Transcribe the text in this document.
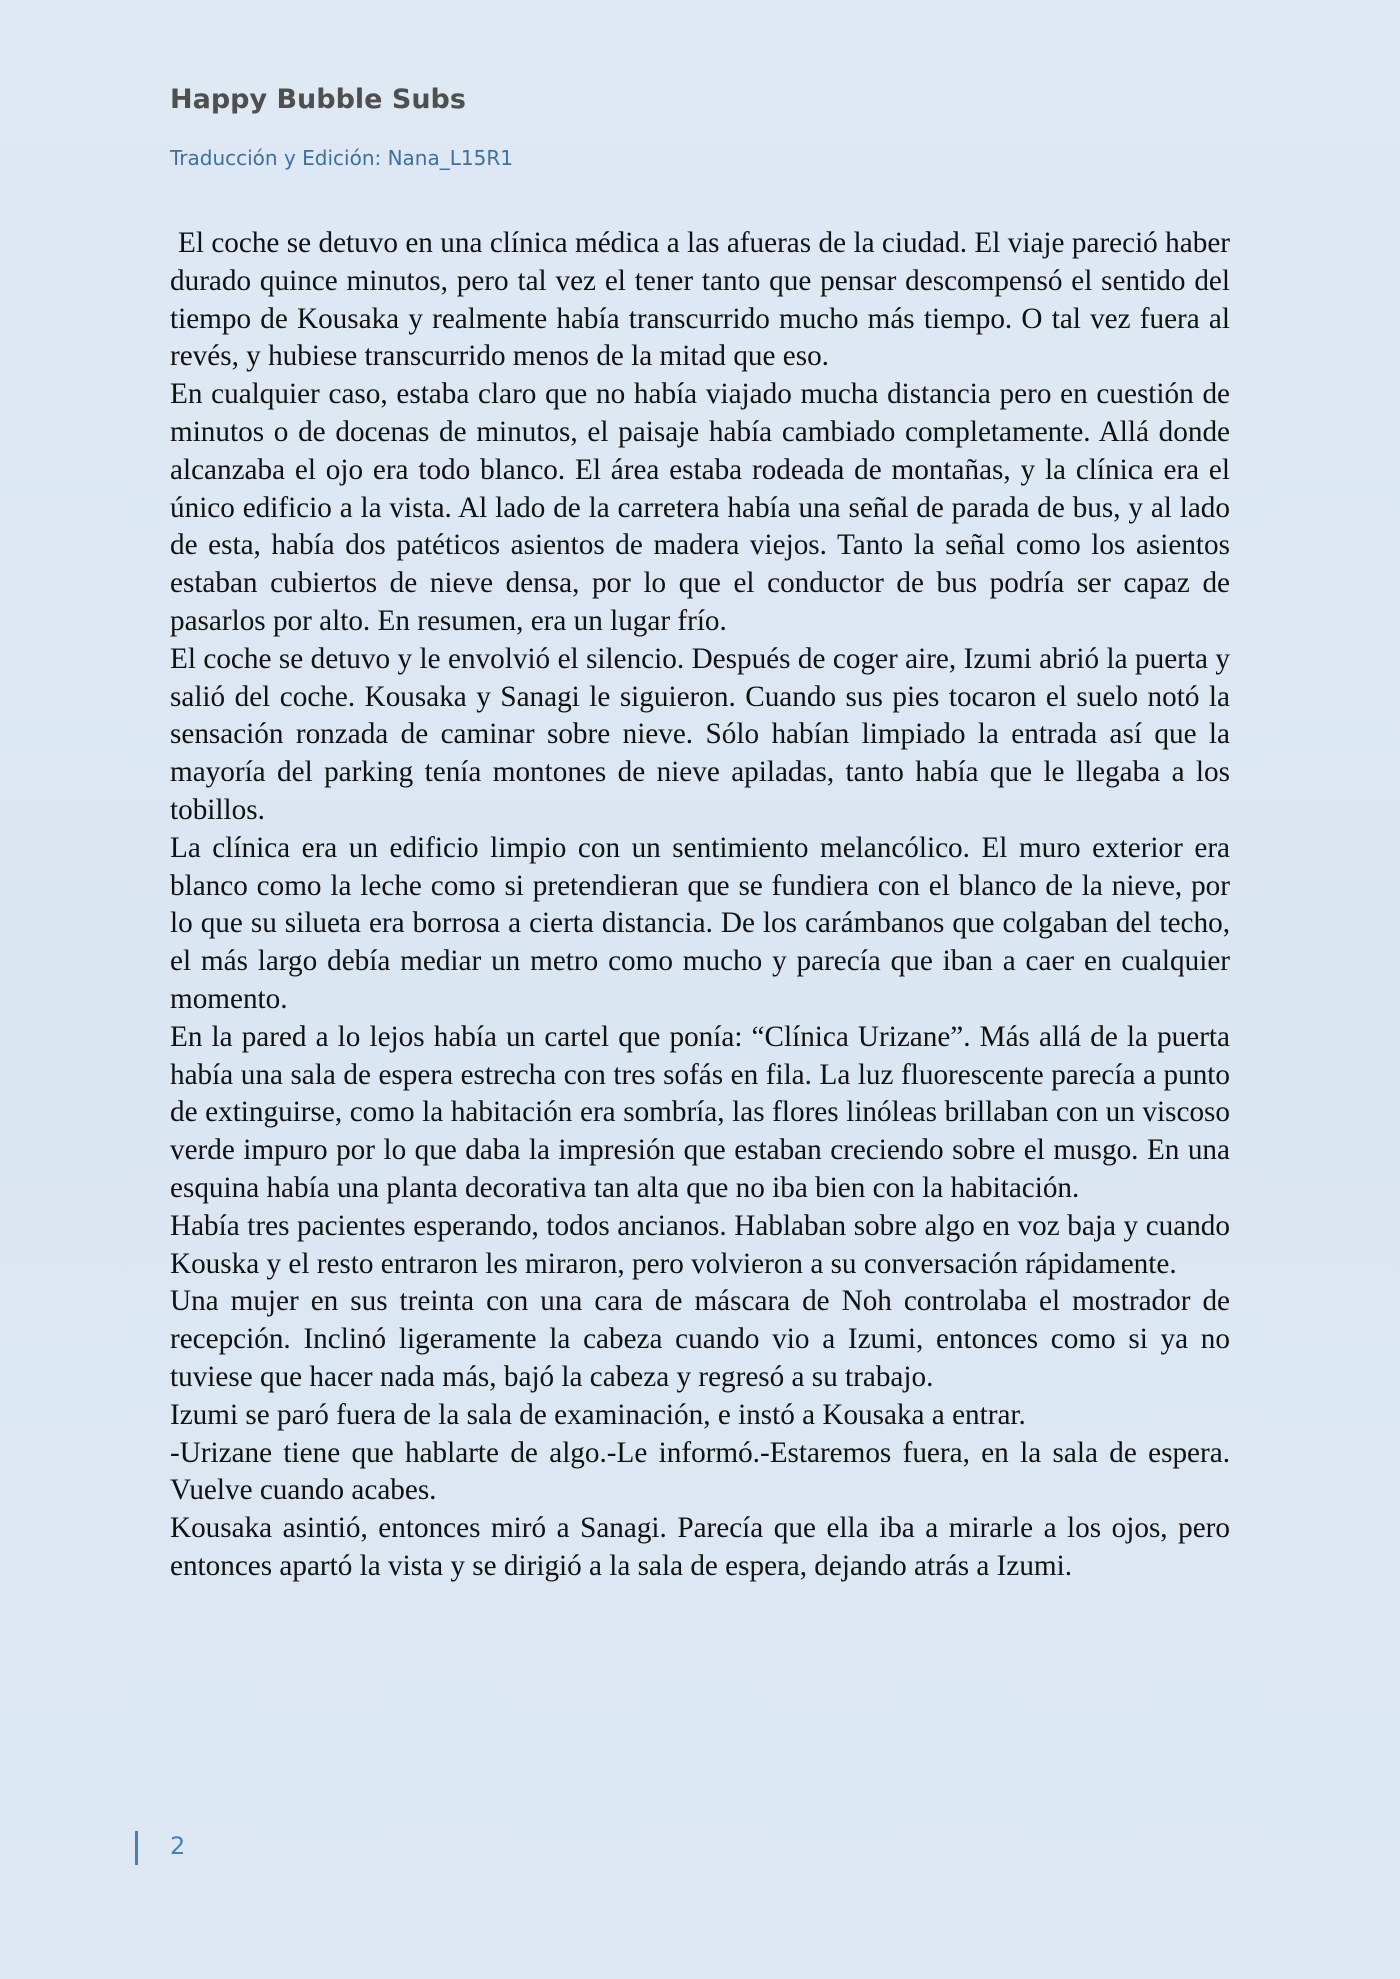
Happy Bubble Subs
Traducción y Edición: Nana_L15R1

El coche se detuvo en una clínica médica a las afueras de la ciudad. El viaje pareció haber durado quince minutos, pero tal vez el tener tanto que pensar descompensó el sentido del tiempo de Kousaka y realmente había transcurrido mucho más tiempo. O tal vez fuera al revés, y hubiese transcurrido menos de la mitad que eso.

En cualquier caso, estaba claro que no había viajado mucha distancia pero en cuestión de minutos o de docenas de minutos, el paisaje había cambiado completamente. Allá donde alcanzaba el ojo era todo blanco. El área estaba rodeada de montañas, y la clínica era el único edificio a la vista. Al lado de la carretera había una señal de parada de bus, y al lado de esta, había dos patéticos asientos de madera viejos. Tanto la señal como los asientos estaban cubiertos de nieve densa, por lo que el conductor de bus podría ser capaz de pasarlos por alto. En resumen, era un lugar frío.

El coche se detuvo y le envolvió el silencio. Después de coger aire, Izumi abrió la puerta y salió del coche. Kousaka y Sanagi le siguieron. Cuando sus pies tocaron el suelo notó la sensación ronzada de caminar sobre nieve. Sólo habían limpiado la entrada así que la mayoría del parking tenía montones de nieve apiladas, tanto había que le llegaba a los tobillos.

La clínica era un edificio limpio con un sentimiento melancólico. El muro exterior era blanco como la leche como si pretendieran que se fundiera con el blanco de la nieve, por lo que su silueta era borrosa a cierta distancia. De los carámbanos que colgaban del techo, el más largo debía mediar un metro como mucho y parecía que iban a caer en cualquier momento.

En la pared a lo lejos había un cartel que ponía: “Clínica Urizane”. Más allá de la puerta había una sala de espera estrecha con tres sofás en fila. La luz fluorescente parecía a punto de extinguirse, como la habitación era sombría, las flores linóleas brillaban con un viscoso verde impuro por lo que daba la impresión que estaban creciendo sobre el musgo. En una esquina había una planta decorativa tan alta que no iba bien con la habitación.

Había tres pacientes esperando, todos ancianos. Hablaban sobre algo en voz baja y cuando Kouska y el resto entraron les miraron, pero volvieron a su conversación rápidamente.

Una mujer en sus treinta con una cara de máscara de Noh controlaba el mostrador de recepción. Inclinó ligeramente la cabeza cuando vio a Izumi, entonces como si ya no tuviese que hacer nada más, bajó la cabeza y regresó a su trabajo.

Izumi se paró fuera de la sala de examinación, e instó a Kousaka a entrar.

-Urizane tiene que hablarte de algo.-Le informó.-Estaremos fuera, en la sala de espera. Vuelve cuando acabes.

Kousaka asintió, entonces miró a Sanagi. Parecía que ella iba a mirarle a los ojos, pero entonces apartó la vista y se dirigió a la sala de espera, dejando atrás a Izumi.

2
